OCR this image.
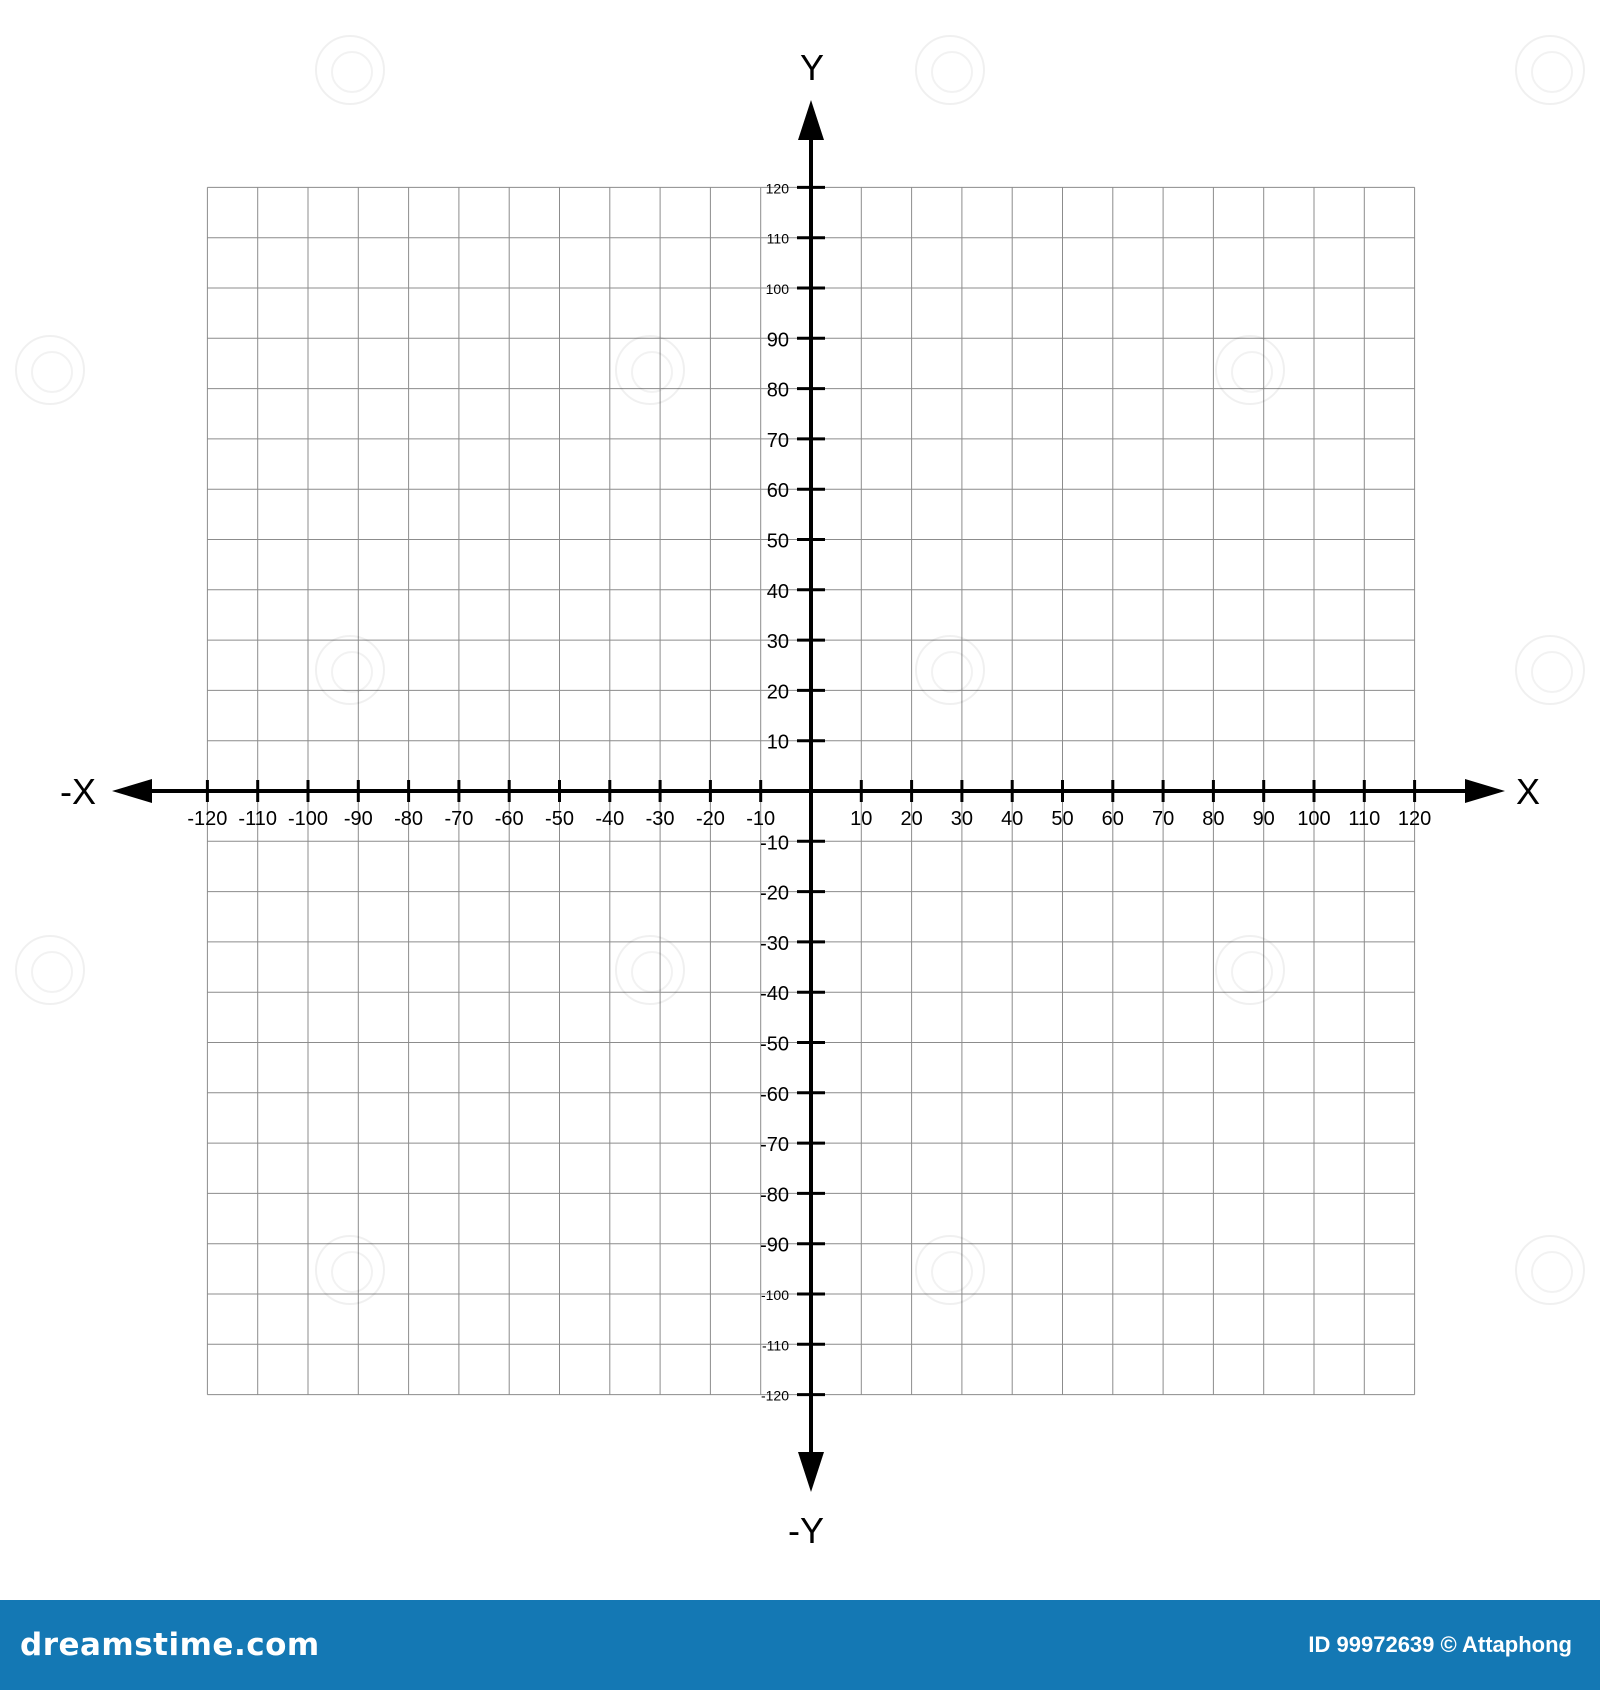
-120 -110 -100 -90 -80 -70 -60 -50 -40 -30 -20 -10	10 20 30 40 50 60 70 80 90 100 110 120
-120
-110
-100
-90
-80
-70
-60
-50
-40
-30
-20
-10
10
20
30
40
50
60
70
80
90
100
110
120
Y
-Y
X
-X
dreamstime.com	ID 99972639 © Attaphong
